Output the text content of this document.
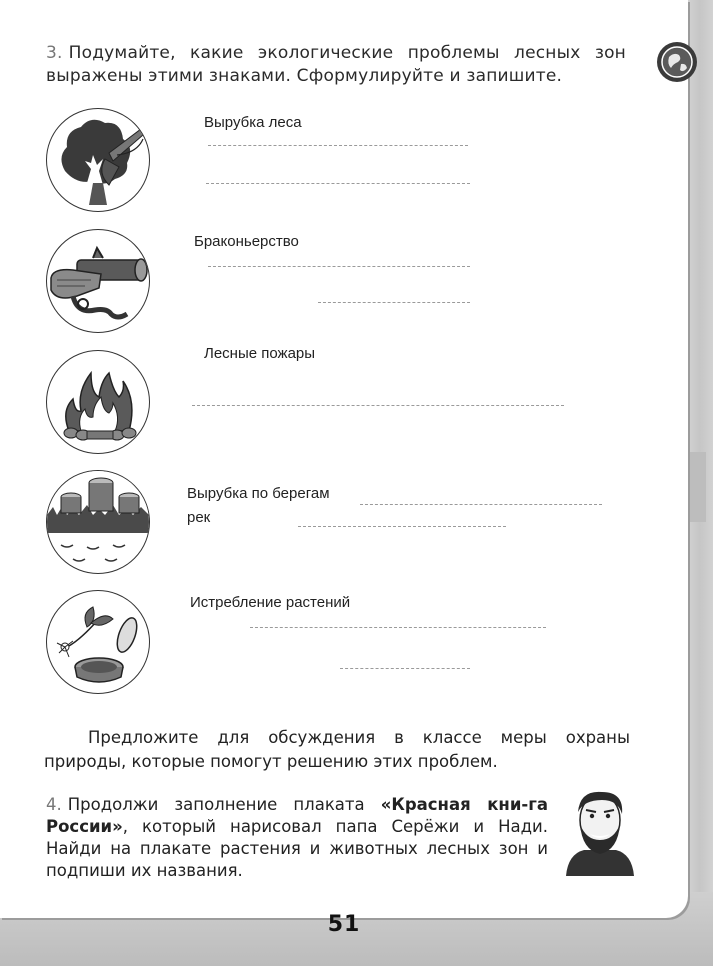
3. Подумайте, какие экологические проблемы лесных зон выражены этими знаками. Сформулируйте и запишите.
Вырубка леса
Браконьерство
Лесные пожары
Вырубка по берегам
рек
Истребление растений
Предложите для обсуждения в классе меры охраны природы, которые помогут решению этих проблем.
4. Продолжи заполнение плаката «Красная кни-га России», который нарисовал папа Серёжи и Нади. Найди на плакате растения и животных лесных зон и подпиши их названия.
51
